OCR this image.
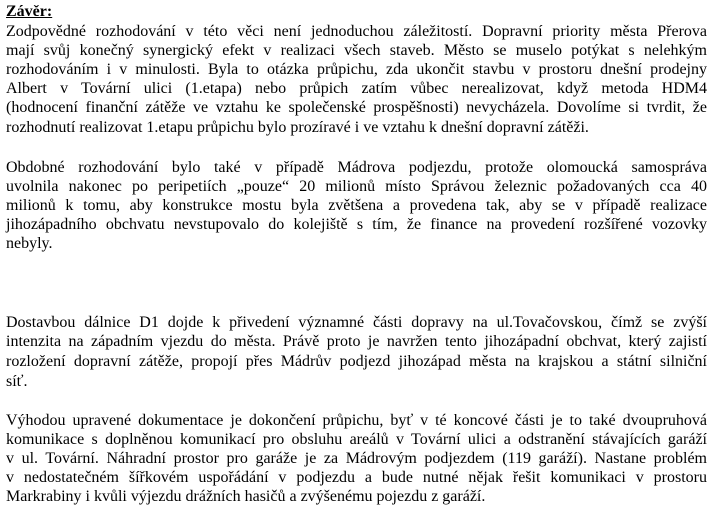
Závěr:

Zodpovědné rozhodování v této věci není jednoduchou záležitostí. Dopravní priority města Přerova

mají svůj konečný synergický efekt v realizaci všech staveb. Město se muselo potýkat s nelehkým

rozhodováním i v minulosti. Byla to otázka průpichu, zda ukončit stavbu v prostoru dnešní prodejny

Albert v Tovární ulici (1.etapa) nebo průpich zatím vůbec nerealizovat, když metoda HDM4

(hodnocení finanční zátěže ve vztahu ke společenské prospěšnosti) nevycházela. Dovolíme si tvrdit, že

rozhodnutí realizovat 1.etapu průpichu bylo prozíravé i ve vztahu k dnešní dopravní zátěži.

Obdobné rozhodování bylo také v případě Mádrova podjezdu, protože olomoucká samospráva

uvolnila nakonec po peripetiích „pouze“ 20 milionů místo Správou železnic požadovaných cca 40

milionů k tomu, aby konstrukce mostu byla zvětšena a provedena tak, aby se v případě realizace

jihozápadního obchvatu nevstupovalo do kolejiště s tím, že finance na provedení rozšířené vozovky

nebyly.

Dostavbou dálnice D1 dojde k přivedení významné části dopravy na ul.Tovačovskou, čímž se zvýší

intenzita na západním vjezdu do města. Právě proto je navržen tento jihozápadní obchvat, který zajistí

rozložení dopravní zátěže, propojí přes Mádrův podjezd jihozápad města na krajskou a státní silniční

síť.

Výhodou upravené dokumentace je dokončení průpichu, byť v té koncové části je to také dvoupruhová

komunikace s doplněnou komunikací pro obsluhu areálů v Tovární ulici a odstranění stávajících garáží

v ul. Tovární. Náhradní prostor pro garáže je za Mádrovým podjezdem (119 garáží). Nastane problém

v nedostatečném šířkovém uspořádání v podjezdu a bude nutné nějak řešit komunikaci v prostoru

Markrabiny i kvůli výjezdu drážních hasičů a zvýšenému pojezdu z garáží.
